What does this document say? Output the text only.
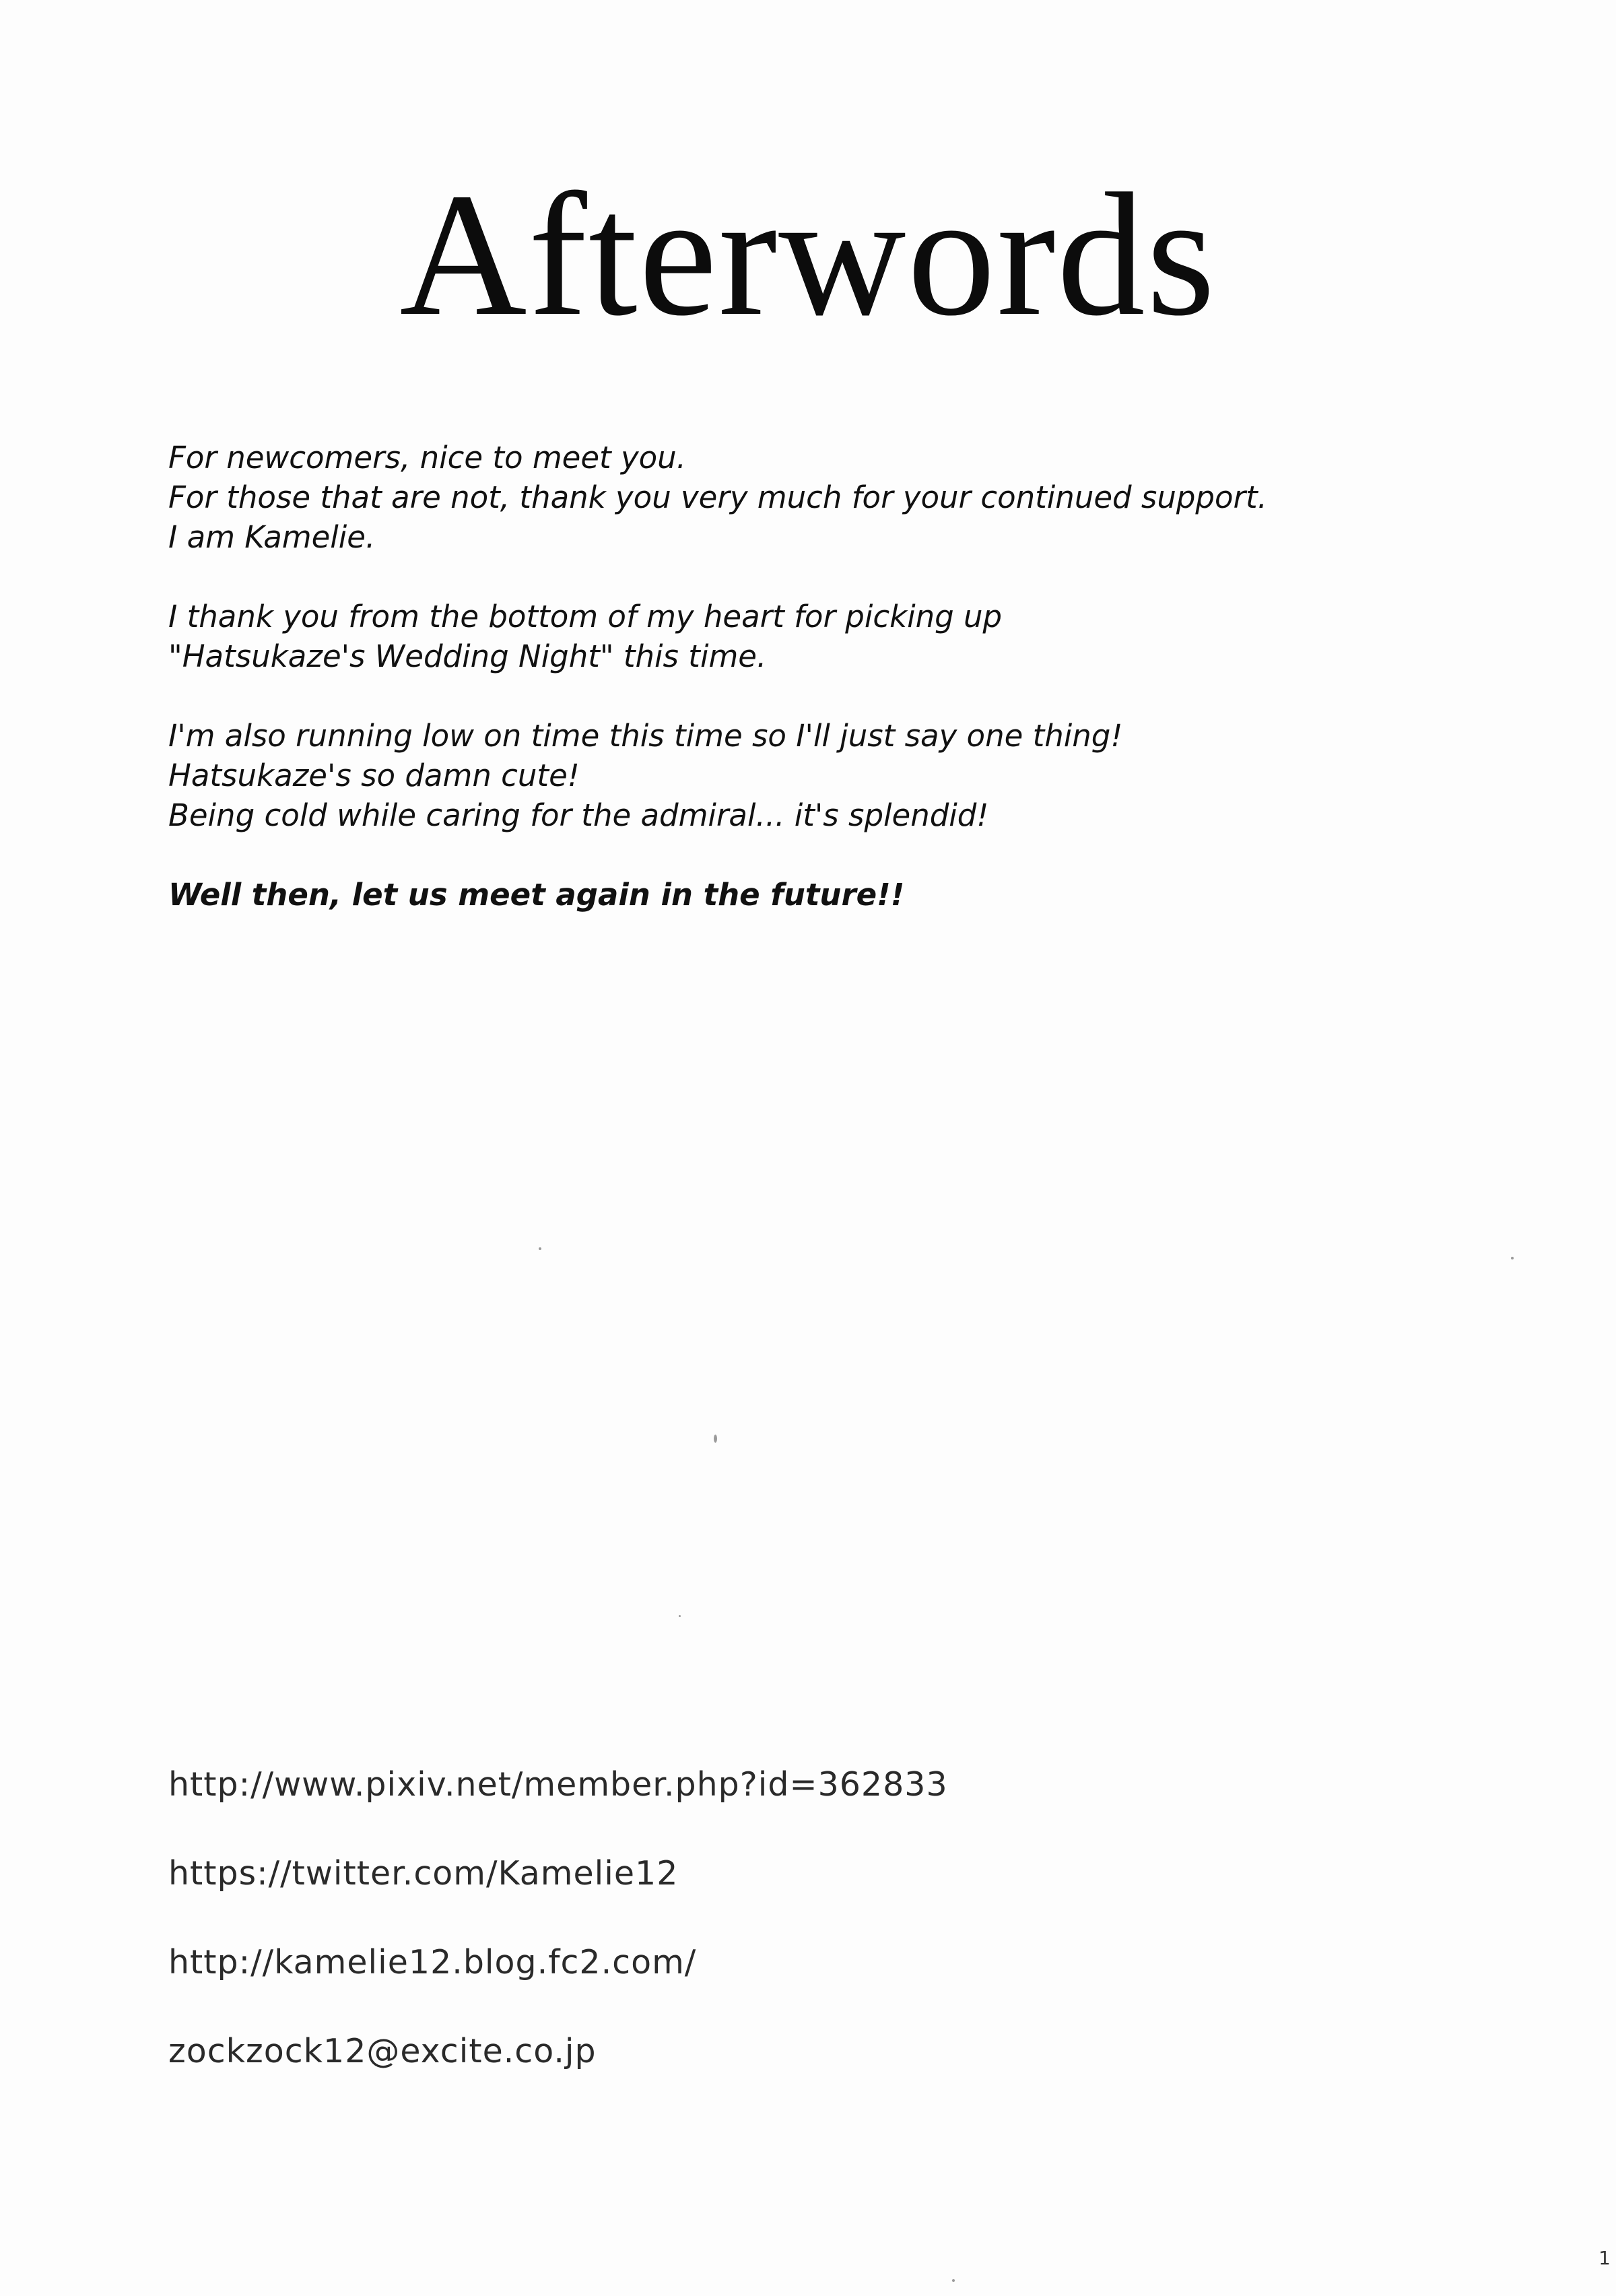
Afterwords
For newcomers, nice to meet you.
For those that are not, thank you very much for your continued support.
I am Kamelie.
I thank you from the bottom of my heart for picking up
"Hatsukaze's Wedding Night" this time.
I'm also running low on time this time so I'll just say one thing!
Hatsukaze's so damn cute!
Being cold while caring for the admiral... it's splendid!
Well then, let us meet again in the future!!
http://www.pixiv.net/member.php?id=362833
https://twitter.com/Kamelie12
http://kamelie12.blog.fc2.com/
zockzock12@excite.co.jp
1
